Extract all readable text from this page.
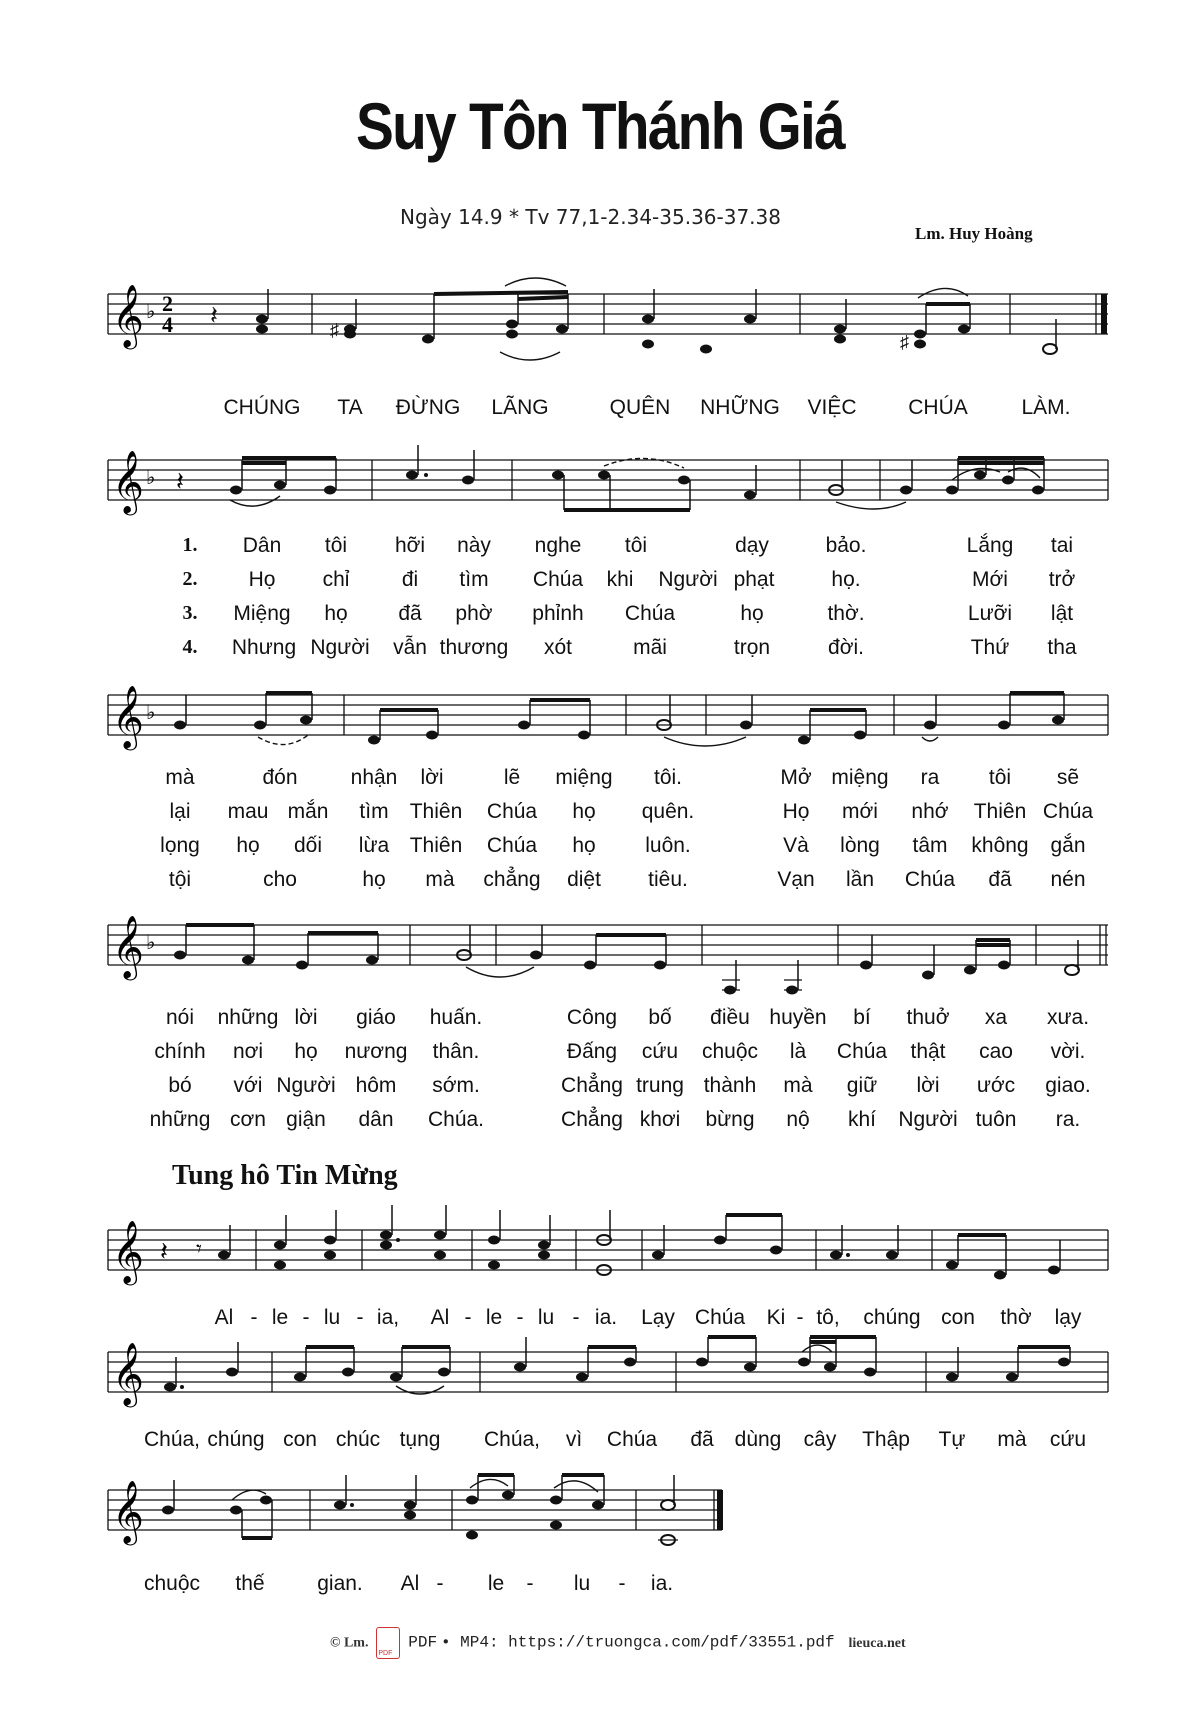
Suy Tôn Thánh Giá
Ngày 14.9 * Tv 77,1-2.34-35.36-37.38
Lm. Huy Hoàng
𝄞 ♭ 2
4 𝄽	♯
♯
CHÚNG TA ĐỪNG LÃNG	QUÊN NHỮNG VIỆC CHÚA	LÀM.
𝄞 ♭ 𝄽
1. Dân tôi hỡi này nghe tôi	dạy	bảo.	Lắng tai
2. Họ chỉ đi tìm Chúa khi Người phạt	họ.	Mới trở
3. Miệng họ đã phờ phỉnh Chúa	họ	thờ.	Lưỡi lật
4. Nhưng Người vẫn thương xót	mãi	trọn	đời.	Thứ tha
𝄞 ♭
mà	đón	nhận lời	lẽ miệng tôi.	Mở miệng ra tôi sẽ
lại mau mắn tìm Thiên Chúa họ quên.	Họ mới nhớ Thiên Chúa
lọng họ dối lừa Thiên Chúa họ luôn.	Và lòng tâm không gắn
tội	cho	họ mà chẳng diệt tiêu.	Vạn lần Chúa đã nén
𝄞 ♭
nói những lời giáo huấn.	Công bố điều huyền bí thuở xa xưa.
chính nơi họ nương thân.	Đấng cứu chuộc là Chúa thật cao vời.
bó với Người hôm sớm.	Chẳng trung thành mà giữ lời ước giao.
những cơn giận dân Chúa.	Chẳng khơi bừng nộ khí Người tuôn ra.
Tung hô Tin Mừng
𝄞 𝄽 𝄾
Al - le - lu - ia, Al - le - lu - ia. Lạy Chúa Ki - tô, chúng con thờ lạy
𝄞
Chúa, chúng con chúc tụng Chúa, vì Chúa đã dùng cây Thập Tự mà cứu
𝄞
chuộc thế	gian. Al - le - lu - ia.
© Lm. PDF PDF • MP4: https://truongca.com/pdf/33551.pdf lieuca.net
